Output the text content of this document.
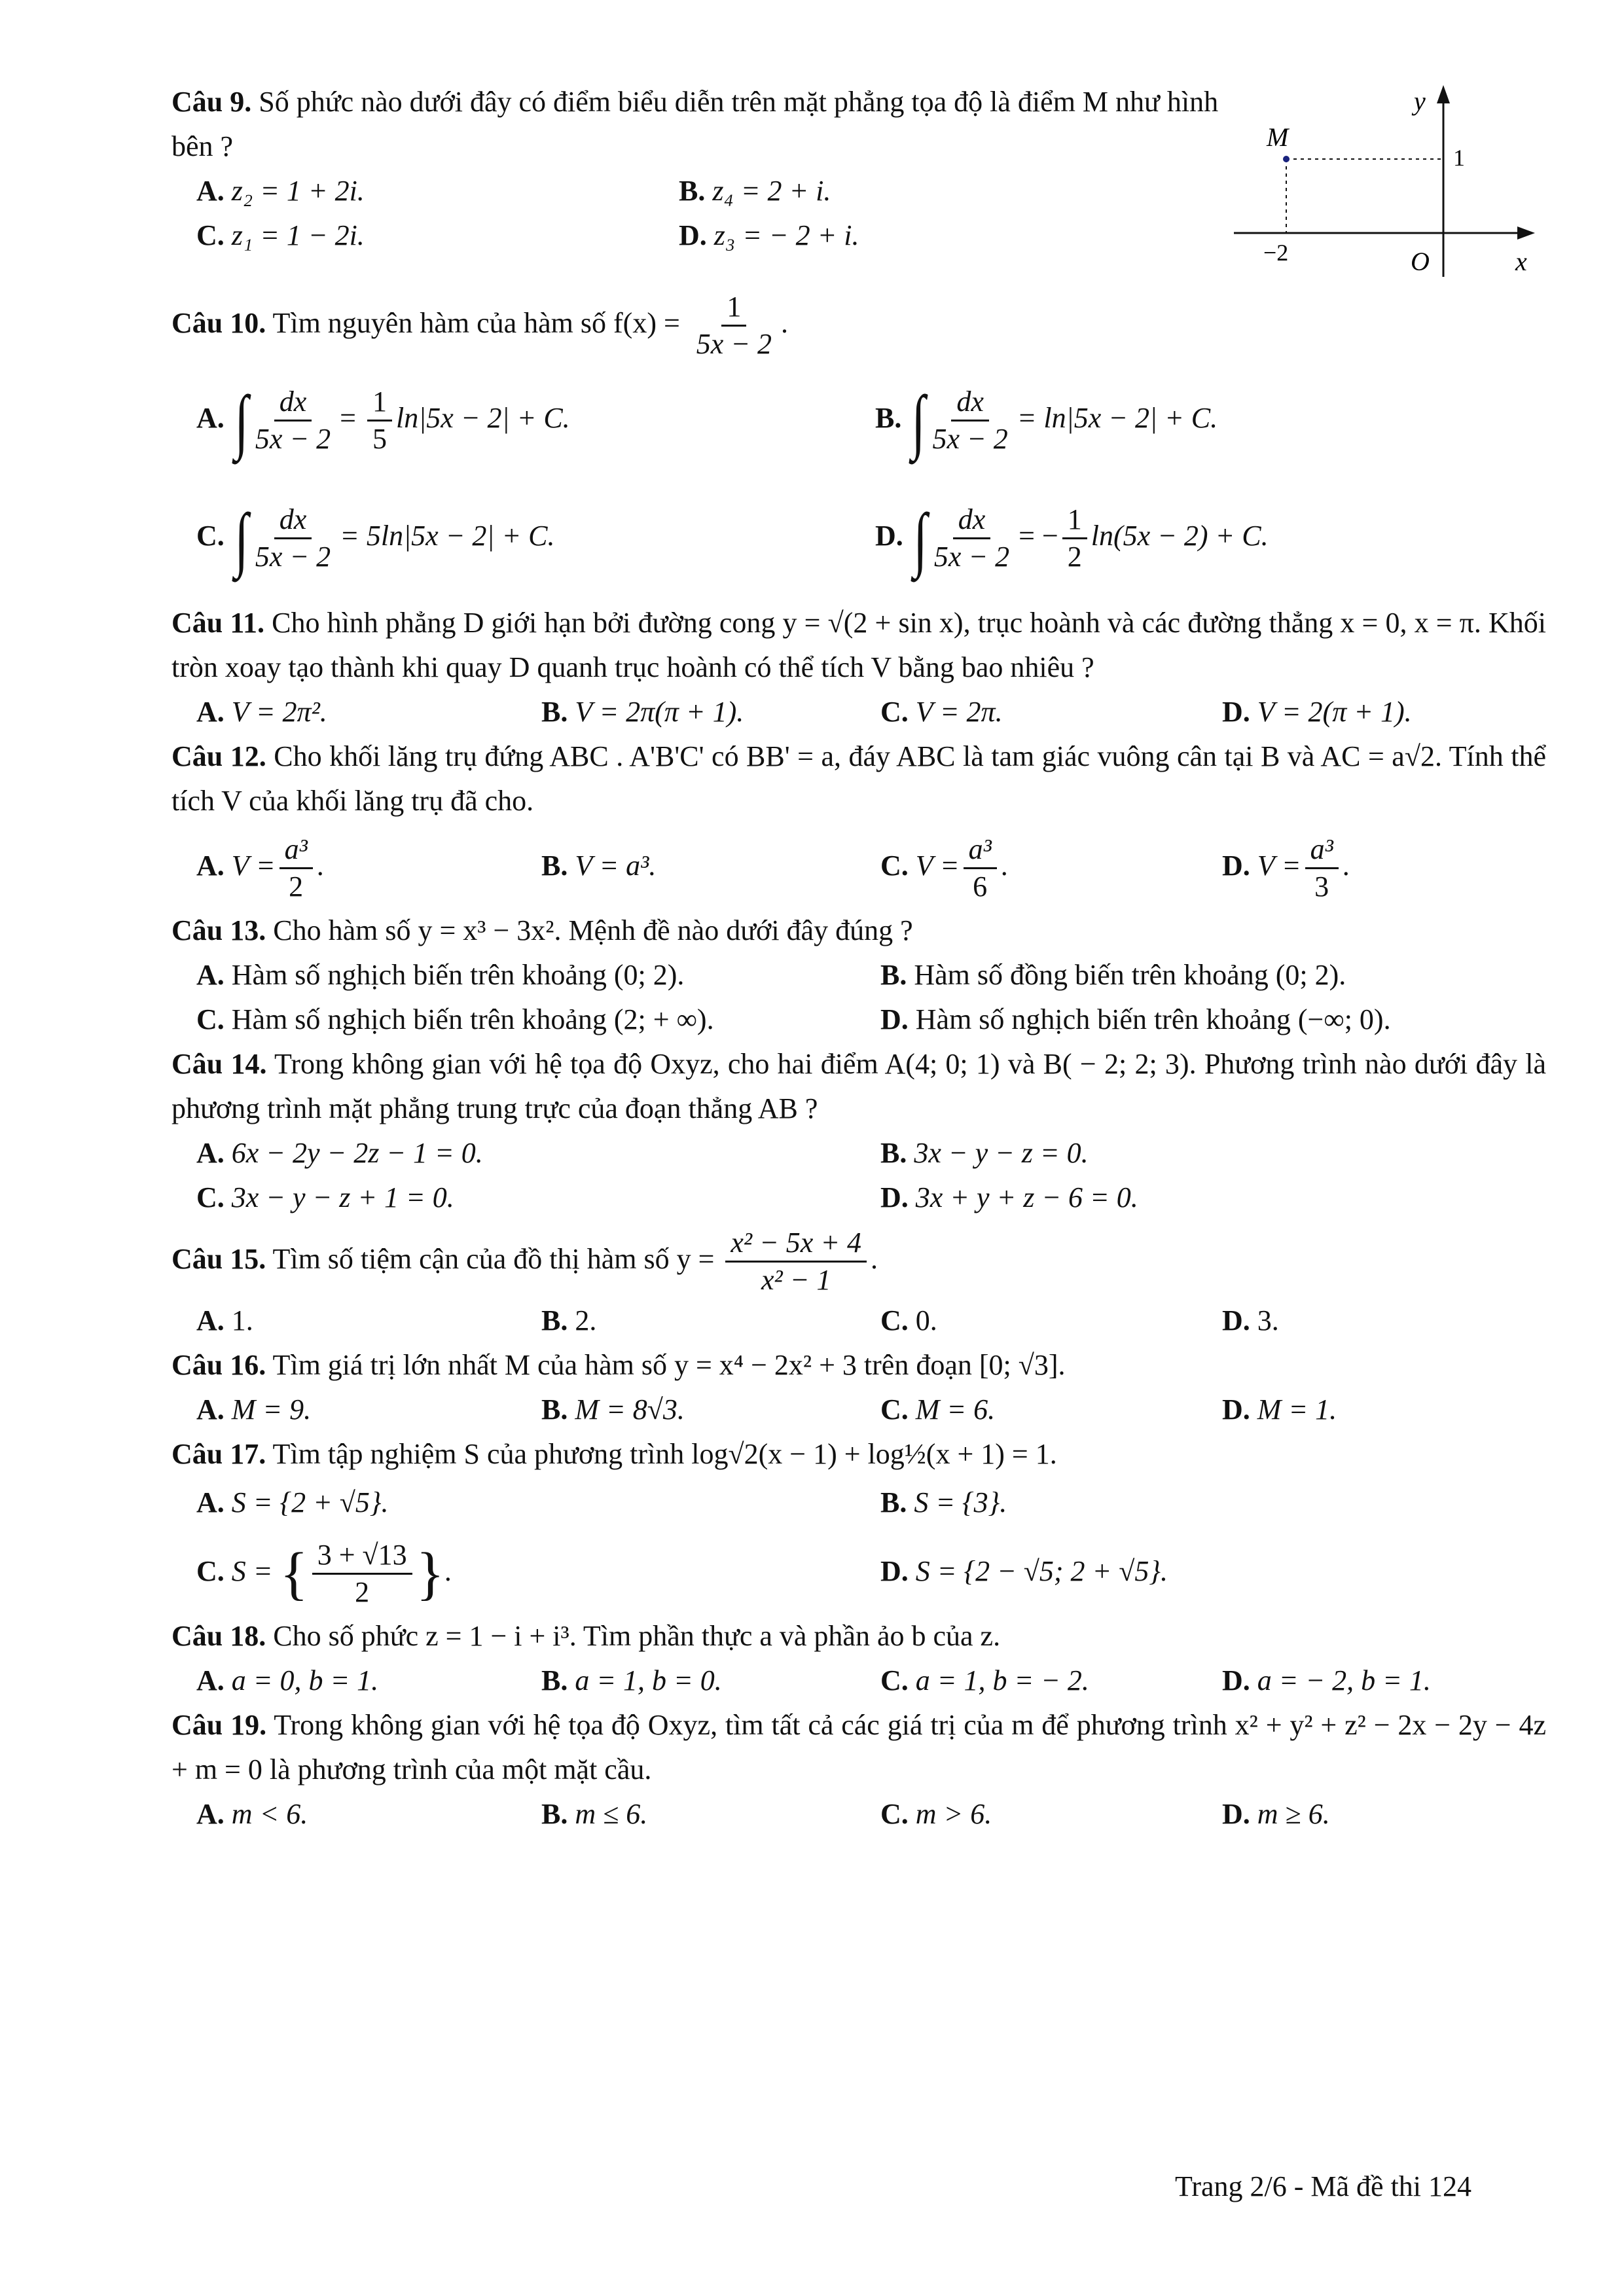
Câu 9. Số phức nào dưới đây có điểm biểu diễn trên mặt phẳng tọa độ là điểm M như hình bên ?

A. z₂ = 1 + 2i.	B. z₄ = 2 + i.
C. z₁ = 1 − 2i.	D. z₃ = − 2 + i.
Câu 10. Tìm nguyên hàm của hàm số $f(x) = \frac{1}{5x - 2}$ .
A. ∫ $\frac{dx}{5x - 2} = \frac{1}{5} \ln|5x - 2| + C$.	B. ∫ $\frac{dx}{5x - 2} = \ln|5x - 2| + C$.
C. ∫ $\frac{dx}{5x - 2} = 5\ln|5x - 2| + C$.	D. ∫ $\frac{dx}{5x - 2}$ = − $\frac{1}{2} \ln(5x - 2) + C$.

Câu 11. Cho hình phẳng D giới hạn bởi đường cong y = √(2 + sin x), trục hoành và các đường thẳng x = 0, x = π. Khối tròn xoay tạo thành khi quay D quanh trục hoành có thể tích V bằng bao nhiêu ?

A. V = 2π².	B. V = 2π(π + 1).	C. V = 2π.	D. V = 2(π + 1).

Câu 12. Cho khối lăng trụ đứng ABC . A'B'C' có BB' = a, đáy ABC là tam giác vuông cân tại B và AC = a√2. Tính thể tích V của khối lăng trụ đã cho.

A. $V = \frac{\text{a³}}{2}$ .	B. V = a³.	C. $V = \frac{\text{a³}}{6}$ .	D. $V = \frac{\text{a³}}{3}$ .

Câu 13. Cho hàm số y = x³ − 3x². Mệnh đề nào dưới đây đúng ?

A. Hàm số nghịch biến trên khoảng (0; 2).	B. Hàm số đồng biến trên khoảng (0; 2).
C. Hàm số nghịch biến trên khoảng (2; + ∞).	D. Hàm số nghịch biến trên khoảng (−∞; 0).

Câu 14. Trong không gian với hệ tọa độ Oxyz, cho hai điểm A(4; 0; 1) và B( − 2; 2; 3). Phương trình nào dưới đây là phương trình mặt phẳng trung trực của đoạn thẳng AB ?

A. 6x − 2y − 2z − 1 = 0.	B. 3x − y − z = 0.
C. 3x − y − z + 1 = 0.	D. 3x + y + z − 6 = 0.
Câu 15. Tìm số tiệm cận của đồ thị hàm số $y = \frac{\text{x² − 5x + 4}}{\text{x² − 1}}$ .
A. 1.	B. 2.	C. 0.	D. 3.

Câu 16. Tìm giá trị lớn nhất M của hàm số y = x⁴ − 2x² + 3 trên đoạn [0; √3].

A. M = 9.	B. M = 8√3.	C. M = 6.	D. M = 1.

Câu 17. Tìm tập nghiệm S của phương trình log√2(x − 1) + log½(x + 1) = 1.

A. S = {2 + √5}.	B. S = {3}.
C. S = { $\frac{3 + √13}{2}$ }.	D. S = {2 − √5; 2 + √5}.

Câu 18. Cho số phức z = 1 − i + i³. Tìm phần thực a và phần ảo b của z.

A. a = 0, b = 1.	B. a = 1, b = 0.	C. a = 1, b = − 2.	D. a = − 2, b = 1.

Câu 19. Trong không gian với hệ tọa độ Oxyz, tìm tất cả các giá trị của m để phương trình x² + y² + z² − 2x − 2y − 4z + m = 0 là phương trình của một mặt cầu.

A. m < 6.	B. m ≤ 6.	C. m > 6.	D. m ≥ 6.
y
x
O
M
1
−2
Trang 2/6 - Mã đề thi 124
